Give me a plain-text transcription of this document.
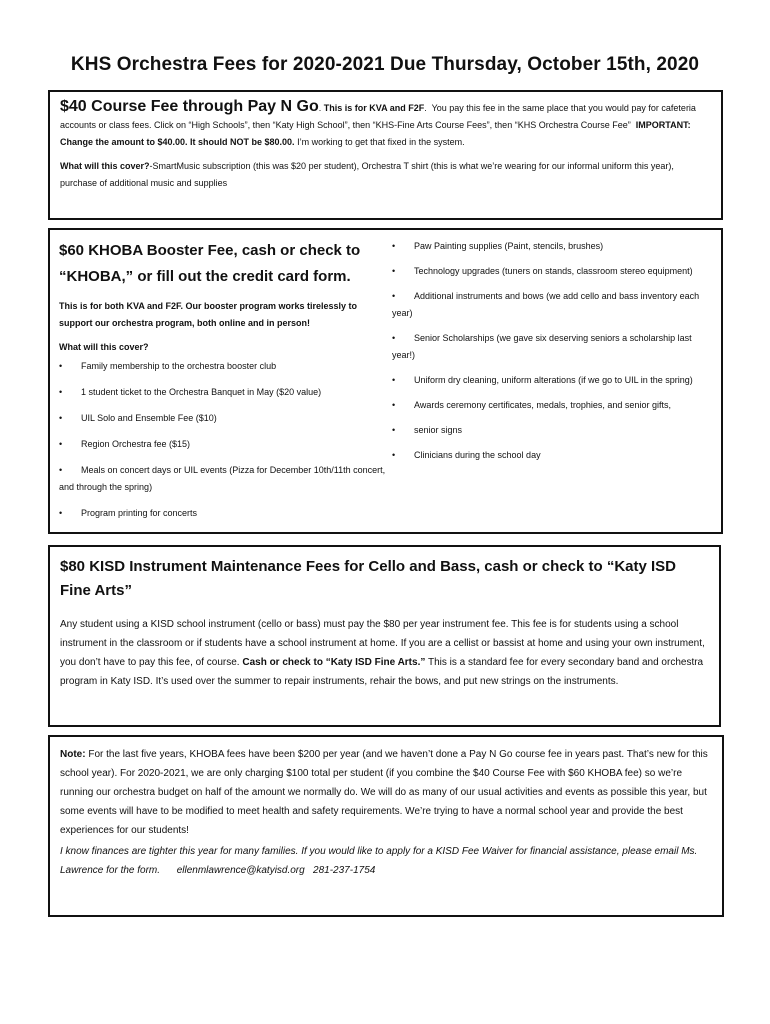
KHS Orchestra Fees for 2020-2021 Due Thursday, October 15th, 2020
$40 Course Fee through Pay N Go. This is for KVA and F2F.  You pay this fee in the same place that you would pay for cafeteria accounts or class fees. Click on “High Schools”, then “Katy High School”, then “KHS-Fine Arts Course Fees”, then “KHS Orchestra Course Fee” IMPORTANT: Change the amount to $40.00. It should NOT be $80.00. I’m working to get that fixed in the system.
What will this cover?-SmartMusic subscription (this was $20 per student), Orchestra T shirt (this is what we’re wearing for our informal uniform this year), purchase of additional music and supplies

$60 KHOBA Booster Fee, cash or check to “KHOBA,” or fill out the credit card form.

This is for both KVA and F2F. Our booster program works tirelessly to support our orchestra program, both online and in person!

What will this cover?

• Family membership to the orchestra booster club
• 1 student ticket to the Orchestra Banquet in May ($20 value)
• UIL Solo and Ensemble Fee ($10)
• Region Orchestra fee ($15)
• Meals on concert days or UIL events (Pizza for December 10th/11th concert, and through the spring)
• Program printing for concerts
• Paw Painting supplies (Paint, stencils, brushes)
• Technology upgrades (tuners on stands, classroom stereo equipment)
• Additional instruments and bows (we add cello and bass inventory each year)
• Senior Scholarships (we gave six deserving seniors a scholarship last year!)
• Uniform dry cleaning, uniform alterations (if we go to UIL in the spring)
• Awards ceremony certificates, medals, trophies, and senior gifts,
• senior signs
• Clinicians during the school day
$80 KISD Instrument Maintenance Fees for Cello and Bass, cash or check to “Katy ISD Fine Arts”
Any student using a KISD school instrument (cello or bass) must pay the $80 per year instrument fee. This fee is for students using a school instrument in the classroom or if students have a school instrument at home. If you are a cellist or bassist at home and using your own instrument, you don’t have to pay this fee, of course. Cash or check to “Katy ISD Fine Arts.” This is a standard fee for every secondary band and orchestra program in Katy ISD. It’s used over the summer to repair instruments, rehair the bows, and put new strings on the instruments.
Note: For the last five years, KHOBA fees have been $200 per year (and we haven’t done a Pay N Go course fee in years past. That’s new for this school year). For 2020-2021, we are only charging $100 total per student (if you combine the $40 Course Fee with $60 KHOBA fee) so we’re running our orchestra budget on half of the amount we normally do. We will do as many of our usual activities and events as possible this year, but some events will have to be modified to meet health and safety requirements. We’re trying to have a normal school year and provide the best experiences for our students!
I know finances are tighter this year for many families. If you would like to apply for a KISD Fee Waiver for financial assistance, please email Ms. Lawrence for the form. ellenmlawrence@katyisd.org 281-237-1754
